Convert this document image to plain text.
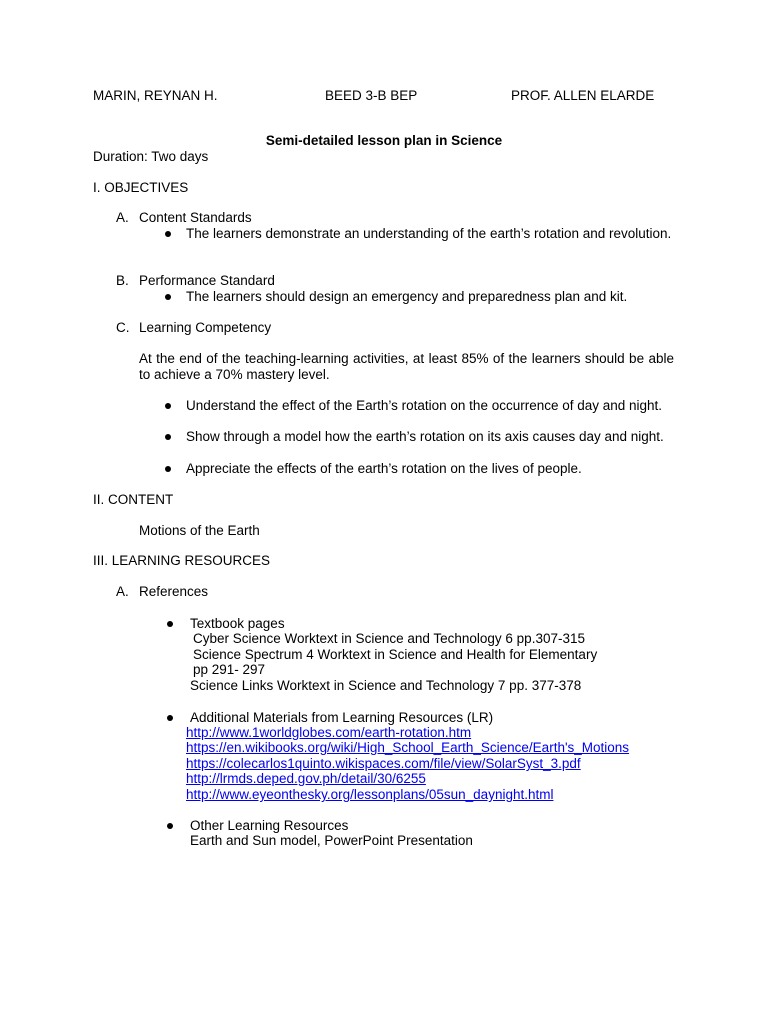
MARIN, REYNAN H.	BEED 3-B BEP	PROF. ALLEN ELARDE
Semi-detailed lesson plan in Science
Duration: Two days
I. OBJECTIVES
A. Content Standards
The learners demonstrate an understanding of the earth’s rotation and revolution.
B. Performance Standard
The learners should design an emergency and preparedness plan and kit.
C. Learning Competency
At the end of the teaching-learning activities, at least 85% of the learners should be able to achieve a 70% mastery level.
Understand the effect of the Earth’s rotation on the occurrence of day and night.
Show through a model how the earth’s rotation on its axis causes day and night.
Appreciate the effects of the earth’s rotation on the lives of people.
II. CONTENT
Motions of the Earth
III. LEARNING RESOURCES
A. References
Textbook pages
Cyber Science Worktext in Science and Technology 6 pp.307-315
Science Spectrum 4 Worktext in Science and Health for Elementary
pp 291- 297
Science Links Worktext in Science and Technology 7 pp. 377-378
Additional Materials from Learning Resources (LR)
http://www.1worldglobes.com/earth-rotation.htm
https://en.wikibooks.org/wiki/High_School_Earth_Science/Earth's_Motions
https://colecarlos1quinto.wikispaces.com/file/view/SolarSyst_3.pdf
http://lrmds.deped.gov.ph/detail/30/6255
http://www.eyeonthesky.org/lessonplans/05sun_daynight.html
Other Learning Resources
Earth and Sun model, PowerPoint Presentation
